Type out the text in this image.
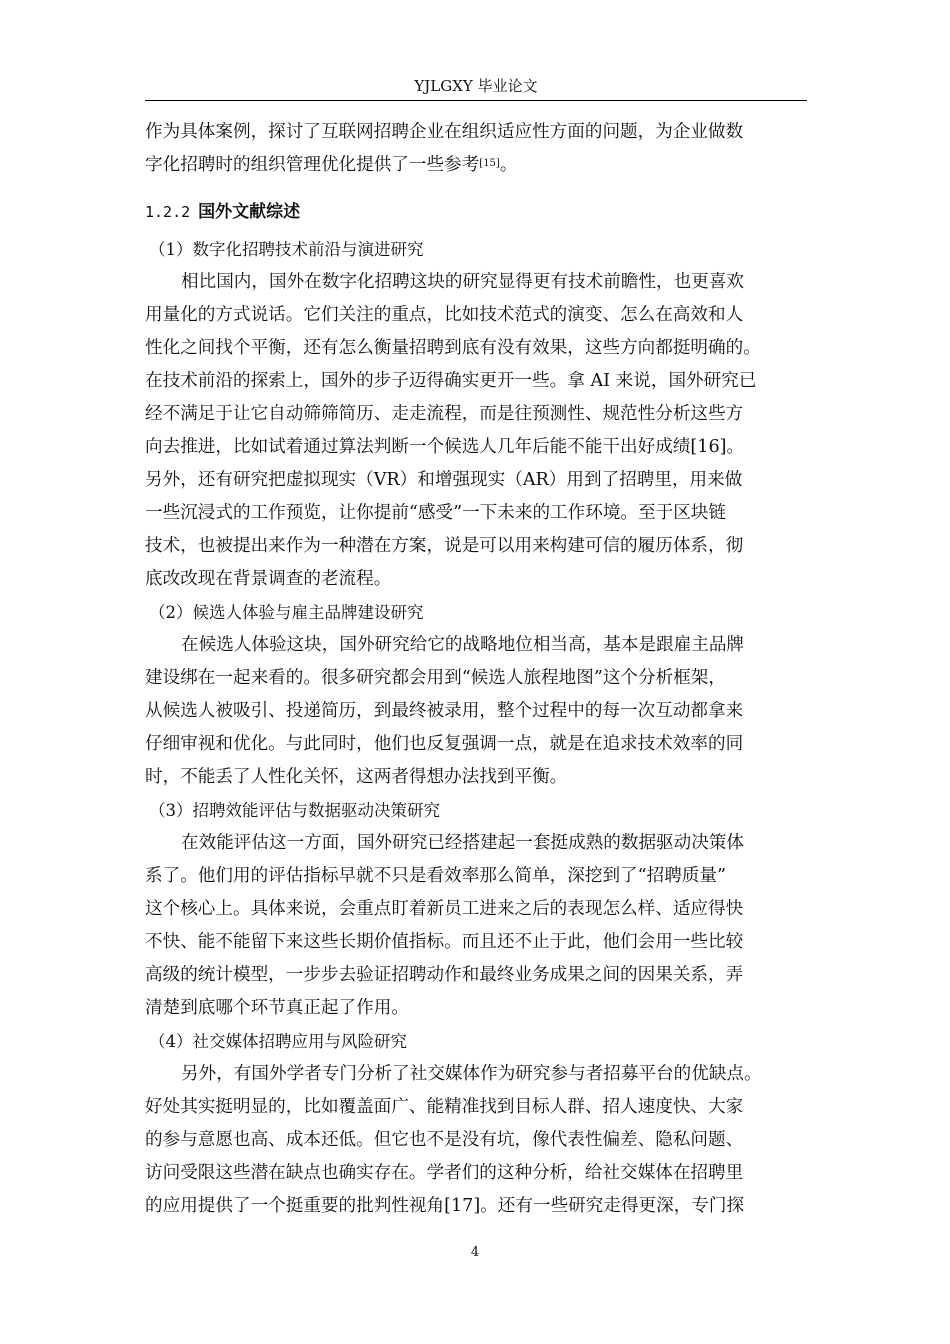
YJLGXY 毕业论文
作为具体案例，探讨了互联网招聘企业在组织适应性方面的问题，为企业做数
字化招聘时的组织管理优化提供了一些参考[15]。
1.2.2 国外文献综述
（1）数字化招聘技术前沿与演进研究
相比国内，国外在数字化招聘这块的研究显得更有技术前瞻性，也更喜欢
用量化的方式说话。它们关注的重点，比如技术范式的演变、怎么在高效和人
性化之间找个平衡，还有怎么衡量招聘到底有没有效果，这些方向都挺明确的。
在技术前沿的探索上，国外的步子迈得确实更开一些。拿 AI 来说，国外研究已
经不满足于让它自动筛筛简历、走走流程，而是往预测性、规范性分析这些方
向去推进，比如试着通过算法判断一个候选人几年后能不能干出好成绩[16]。
另外，还有研究把虚拟现实（VR）和增强现实（AR）用到了招聘里，用来做
一些沉浸式的工作预览，让你提前“感受”一下未来的工作环境。至于区块链
技术，也被提出来作为一种潜在方案，说是可以用来构建可信的履历体系，彻
底改改现在背景调查的老流程。
（2）候选人体验与雇主品牌建设研究
在候选人体验这块，国外研究给它的战略地位相当高，基本是跟雇主品牌
建设绑在一起来看的。很多研究都会用到“候选人旅程地图”这个分析框架，
从候选人被吸引、投递简历，到最终被录用，整个过程中的每一次互动都拿来
仔细审视和优化。与此同时，他们也反复强调一点，就是在追求技术效率的同
时，不能丢了人性化关怀，这两者得想办法找到平衡。
（3）招聘效能评估与数据驱动决策研究
在效能评估这一方面，国外研究已经搭建起一套挺成熟的数据驱动决策体
系了。他们用的评估指标早就不只是看效率那么简单，深挖到了“招聘质量”
这个核心上。具体来说，会重点盯着新员工进来之后的表现怎么样、适应得快
不快、能不能留下来这些长期价值指标。而且还不止于此，他们会用一些比较
高级的统计模型，一步步去验证招聘动作和最终业务成果之间的因果关系，弄
清楚到底哪个环节真正起了作用。
（4）社交媒体招聘应用与风险研究
另外，有国外学者专门分析了社交媒体作为研究参与者招募平台的优缺点。
好处其实挺明显的，比如覆盖面广、能精准找到目标人群、招人速度快、大家
的参与意愿也高、成本还低。但它也不是没有坑，像代表性偏差、隐私问题、
访问受限这些潜在缺点也确实存在。学者们的这种分析，给社交媒体在招聘里
的应用提供了一个挺重要的批判性视角[17]。还有一些研究走得更深，专门探
4
